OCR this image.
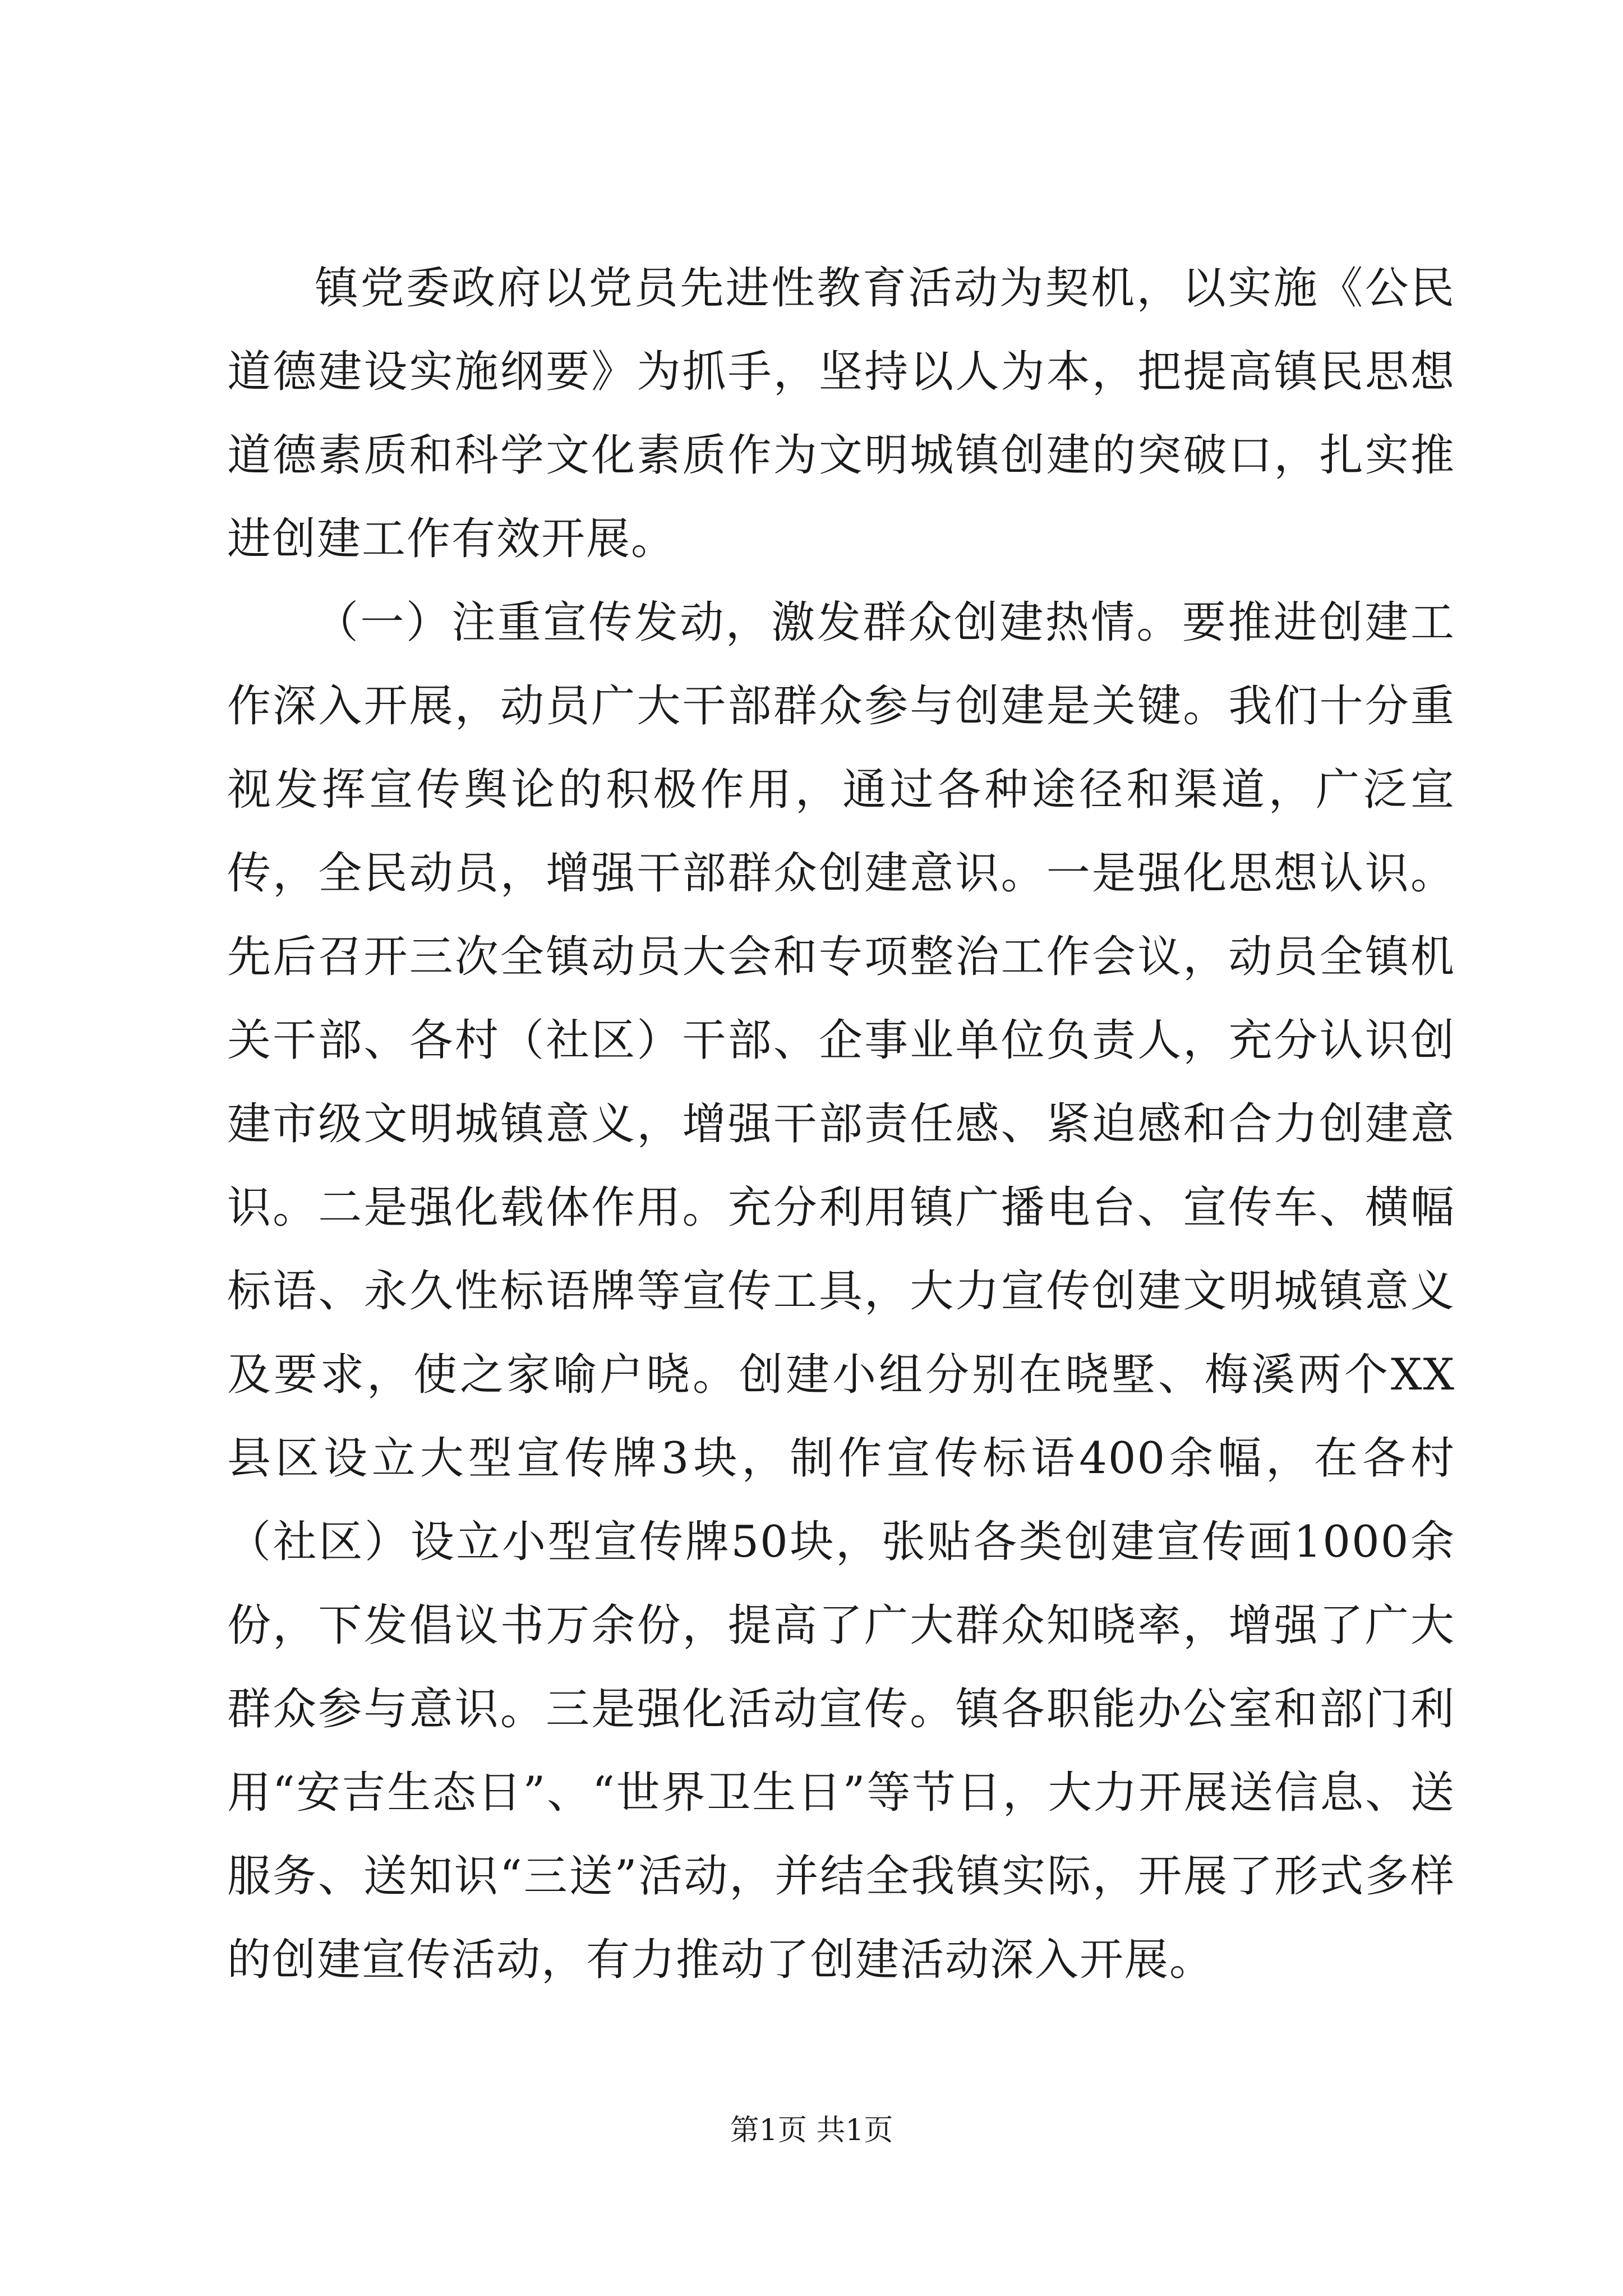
镇党委政府以党员先进性教育活动为契机，以实施《公民道德建设实施纲要》为抓手，坚持以人为本，把提高镇民思想道德素质和科学文化素质作为文明城镇创建的突破口，扎实推进创建工作有效开展。

（一）注重宣传发动，激发群众创建热情。要推进创建工作深入开展，动员广大干部群众参与创建是关键。我们十分重视发挥宣传舆论的积极作用，通过各种途径和渠道，广泛宣传，全民动员，增强干部群众创建意识。一是强化思想认识。先后召开三次全镇动员大会和专项整治工作会议，动员全镇机关干部、各村（社区）干部、企事业单位负责人，充分认识创建市级文明城镇意义，增强干部责任感、紧迫感和合力创建意识。二是强化载体作用。充分利用镇广播电台、宣传车、横幅标语、永久性标语牌等宣传工具，大力宣传创建文明城镇意义及要求，使之家喻户晓。创建小组分别在晓墅、梅溪两个XX县区设立大型宣传牌3块，制作宣传标语400余幅，在各村（社区）设立小型宣传牌50块，张贴各类创建宣传画1000余份，下发倡议书万余份，提高了广大群众知晓率，增强了广大群众参与意识。三是强化活动宣传。镇各职能办公室和部门利用“安吉生态日”、“世界卫生日”等节日，大力开展送信息、送服务、送知识“三送”活动，并结全我镇实际，开展了形式多样的创建宣传活动，有力推动了创建活动深入开展。

第1页 共1页
